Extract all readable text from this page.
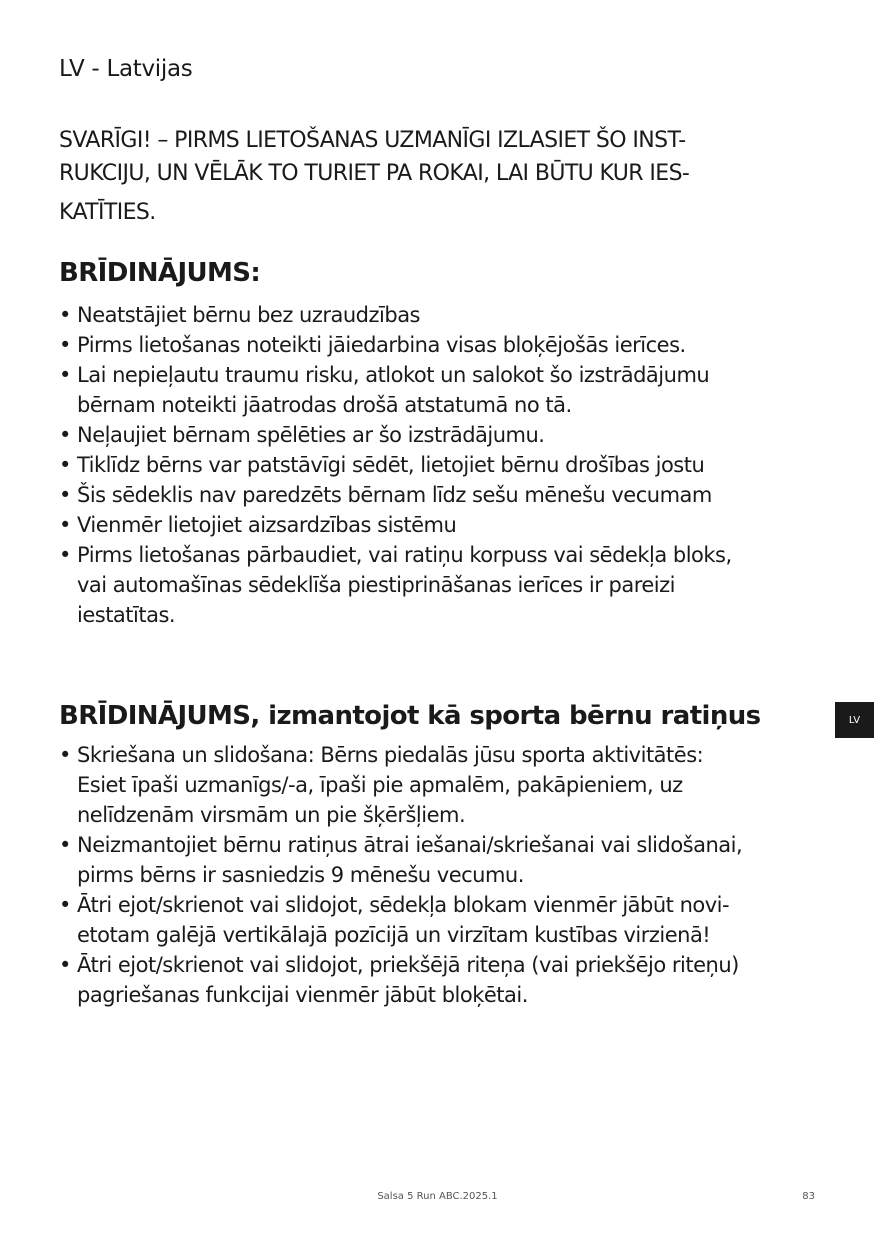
LV - Latvijas
SVARĪGI! – PIRMS LIETOŠANAS UZMANĪGI IZLASIET ŠO INST-
RUKCIJU, UN VĒLĀK TO TURIET PA ROKAI, LAI BŪTU KUR IES-
KATĪTIES.
BRĪDINĀJUMS:
• Neatstājiet bērnu bez uzraudzības
• Pirms lietošanas noteikti jāiedarbina visas bloķējošās ierīces.
• Lai nepieļautu traumu risku, atlokot un salokot šo izstrādājumu
bērnam noteikti jāatrodas drošā atstatumā no tā.
• Neļaujiet bērnam spēlēties ar šo izstrādājumu.
• Tiklīdz bērns var patstāvīgi sēdēt, lietojiet bērnu drošības jostu
• Šis sēdeklis nav paredzēts bērnam līdz sešu mēnešu vecumam
• Vienmēr lietojiet aizsardzības sistēmu
• Pirms lietošanas pārbaudiet, vai ratiņu korpuss vai sēdekļa bloks,
vai automašīnas sēdeklīša piestiprināšanas ierīces ir pareizi
iestatītas.
BRĪDINĀJUMS, izmantojot kā sporta bērnu ratiņus
• Skriešana un slidošana: Bērns piedalās jūsu sporta aktivitātēs:
Esiet īpaši uzmanīgs/-a, īpaši pie apmalēm, pakāpieniem, uz
nelīdzenām virsmām un pie šķēršļiem.
• Neizmantojiet bērnu ratiņus ātrai iešanai/skriešanai vai slidošanai,
pirms bērns ir sasniedzis 9 mēnešu vecumu.
• Ātri ejot/skrienot vai slidojot, sēdekļa blokam vienmēr jābūt novi-
etotam galējā vertikālajā pozīcijā un virzītam kustības virzienā!
• Ātri ejot/skrienot vai slidojot, priekšējā riteņa (vai priekšējo riteņu)
pagriešanas funkcijai vienmēr jābūt bloķētai.
LV
Salsa 5 Run ABC.2025.1	83
